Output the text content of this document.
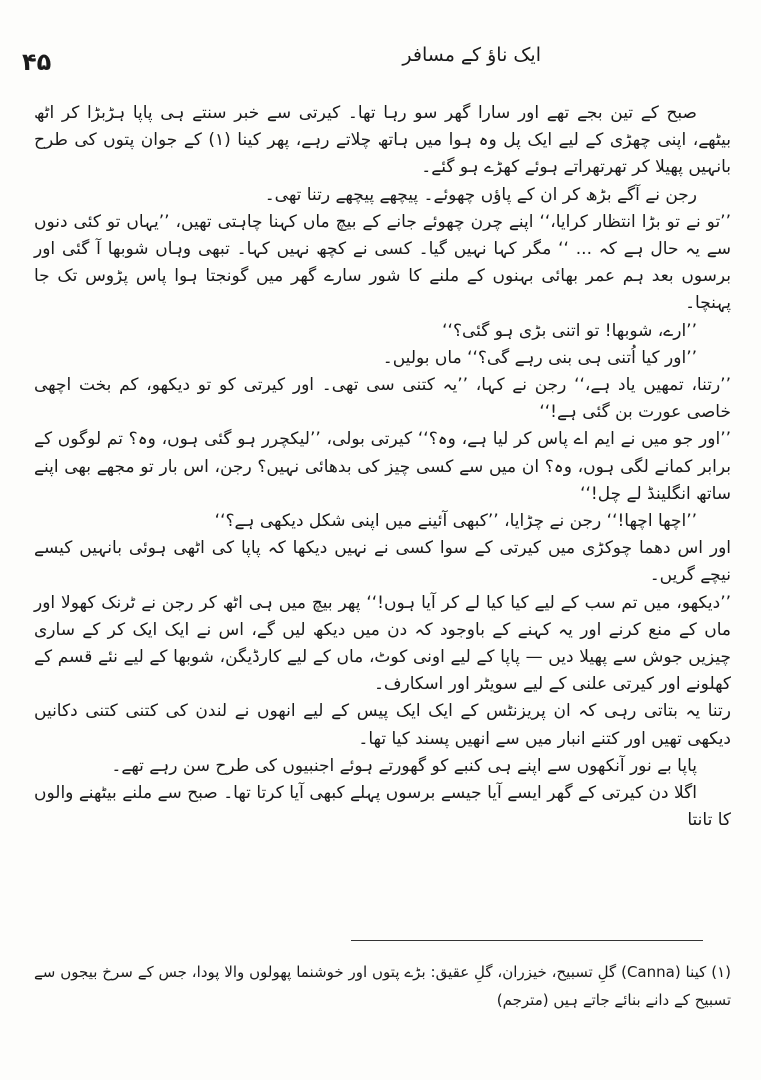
۴۵	ایک ناؤ کے مسافر

صبح کے تین بجے تھے اور سارا گھر سو رہا تھا۔ کیرتی سے خبر سنتے ہی پاپا ہڑبڑا کر اٹھ بیٹھے، اپنی چھڑی کے لیے ایک پل وہ ہوا میں ہاتھ چلاتے رہے، پھر کینا (۱) کے جوان پتوں کی طرح بانہیں پھیلا کر تھرتھراتے ہوئے کھڑے ہو گئے۔

رجن نے آگے بڑھ کر ان کے پاؤں چھوئے۔ پیچھے پیچھے رتنا تھی۔

’’تو نے تو بڑا انتظار کرایا،‘‘ اپنے چرن چھوئے جانے کے بیچ ماں کہنا چاہتی تھیں، ’’یہاں تو کئی دنوں سے یہ حال ہے کہ ... ‘‘ مگر کہا نہیں گیا۔ کسی نے کچھ نہیں کہا۔ تبھی وہاں شوبھا آ گئی اور برسوں بعد ہم عمر بھائی بہنوں کے ملنے کا شور سارے گھر میں گونجتا ہوا پاس پڑوس تک جا پہنچا۔

’’ارے، شوبھا! تو اتنی بڑی ہو گئی؟‘‘

’’اور کیا اُتنی ہی بنی رہے گی؟‘‘ ماں بولیں۔

’’رتنا، تمھیں یاد ہے،‘‘ رجن نے کہا، ’’یہ کتنی سی تھی۔ اور کیرتی کو تو دیکھو، کم بخت اچھی خاصی عورت بن گئی ہے!‘‘

’’اور جو میں نے ایم اے پاس کر لیا ہے، وہ؟‘‘ کیرتی بولی، ’’لیکچرر ہو گئی ہوں، وہ؟ تم لوگوں کے برابر کمانے لگی ہوں، وہ؟ ان میں سے کسی چیز کی بدھائی نہیں؟ رجن، اس بار تو مجھے بھی اپنے ساتھ انگلینڈ لے چل!‘‘

’’اچھا اچھا!‘‘ رجن نے چڑایا، ’’کبھی آئینے میں اپنی شکل دیکھی ہے؟‘‘

اور اس دھما چوکڑی میں کیرتی کے سوا کسی نے نہیں دیکھا کہ پاپا کی اٹھی ہوئی بانہیں کیسے نیچے گریں۔

’’دیکھو، میں تم سب کے لیے کیا کیا لے کر آیا ہوں!‘‘ پھر بیچ میں ہی اٹھ کر رجن نے ٹرنک کھولا اور ماں کے منع کرنے اور یہ کہنے کے باوجود کہ دن میں دیکھ لیں گے، اس نے ایک ایک کر کے ساری چیزیں جوش سے پھیلا دیں — پاپا کے لیے اونی کوٹ، ماں کے لیے کارڈیگن، شوبھا کے لیے نئے قسم کے کھلونے اور کیرتی علنی کے لیے سویٹر اور اسکارف۔

رتنا یہ بتاتی رہی کہ ان پریزنٹس کے ایک ایک پیس کے لیے انھوں نے لندن کی کتنی کتنی دکانیں دیکھی تھیں اور کتنے انبار میں سے انھیں پسند کیا تھا۔

پاپا بے نور آنکھوں سے اپنے ہی کنبے کو گھورتے ہوئے اجنبیوں کی طرح سن رہے تھے۔

اگلا دن کیرتی کے گھر ایسے آیا جیسے برسوں پہلے کبھی آیا کرتا تھا۔ صبح سے ملنے بیٹھنے والوں کا تانتا

(۱) کینا (Canna) گلِ تسبیح، خیزران، گلِ عقیق: بڑے پتوں اور خوشنما پھولوں والا پودا، جس کے سرخ بیجوں سے تسبیح کے دانے بنائے جاتے ہیں (مترجم)
